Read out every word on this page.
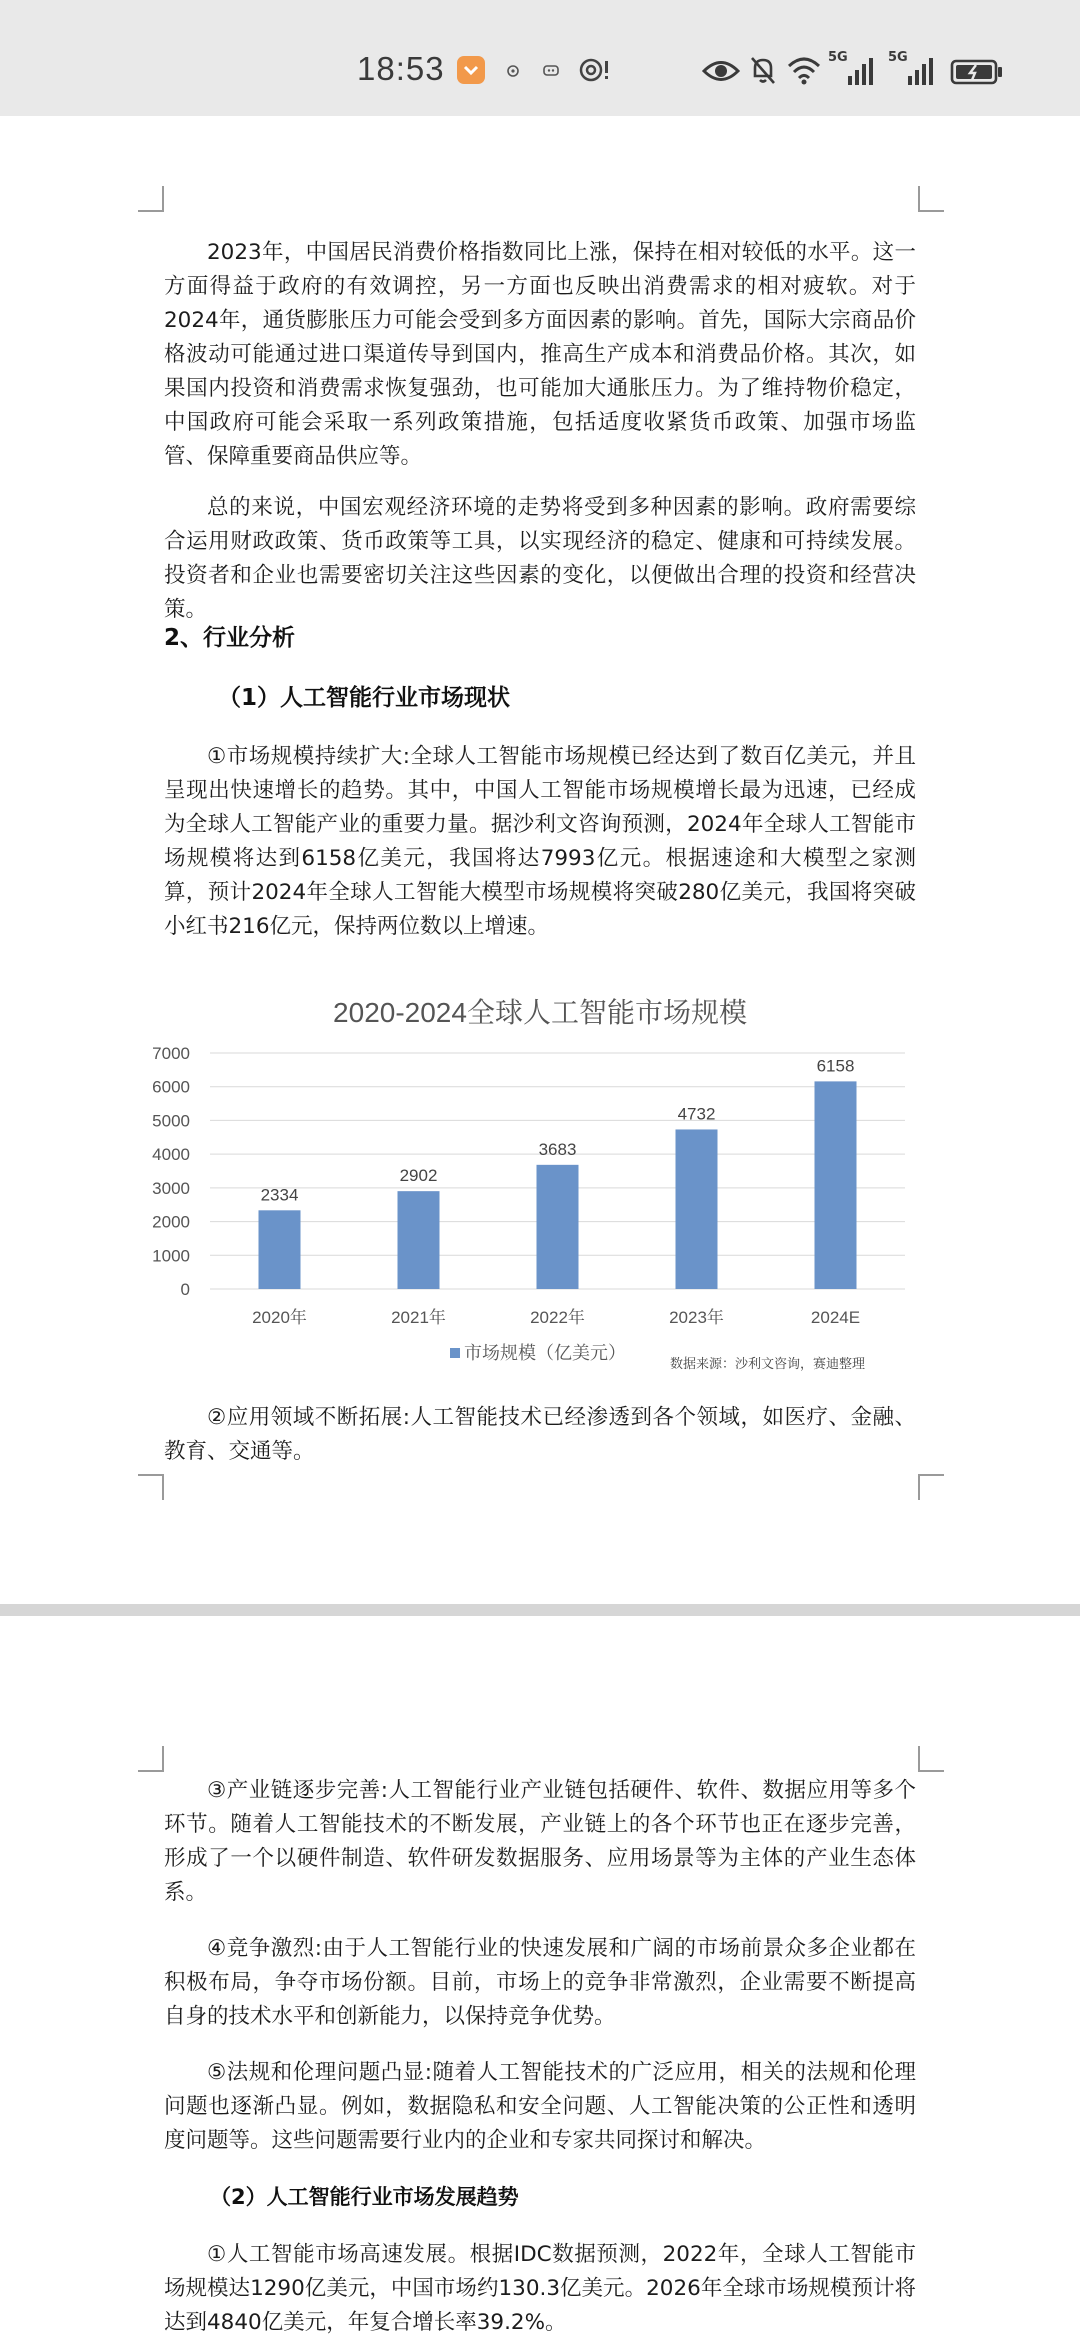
18:53	5G	5G

2023年，中国居民消费价格指数同比上涨，保持在相对较低的水平。这一方面得益于政府的有效调控，另一方面也反映出消费需求的相对疲软。对于2024年，通货膨胀压力可能会受到多方面因素的影响。首先，国际大宗商品价格波动可能通过进口渠道传导到国内，推高生产成本和消费品价格。其次，如果国内投资和消费需求恢复强劲，也可能加大通胀压力。为了维持物价稳定，中国政府可能会采取一系列政策措施，包括适度收紧货币政策、加强市场监管、保障重要商品供应等。

总的来说，中国宏观经济环境的走势将受到多种因素的影响。政府需要综合运用财政政策、货币政策等工具，以实现经济的稳定、健康和可持续发展。投资者和企业也需要密切关注这些因素的变化，以便做出合理的投资和经营决策。

2、行业分析

（1）人工智能行业市场现状

①市场规模持续扩大:全球人工智能市场规模已经达到了数百亿美元，并且呈现出快速增长的趋势。其中，中国人工智能市场规模增长最为迅速，已经成为全球人工智能产业的重要力量。据沙利文咨询预测，2024年全球人工智能市场规模将达到6158亿美元，我国将达7993亿元。根据速途和大模型之家测算，预计2024年全球人工智能大模型市场规模将突破280亿美元，我国将突破小红书216亿元，保持两位数以上增速。

2020-2024全球人工智能市场规模
0
1000
2000
3000
4000
5000
6000
7000
2334
2020年
2902
2021年
3683
2022年
4732
2023年
6158
2024E
市场规模（亿美元）
数据来源：沙利文咨询，赛迪整理

②应用领域不断拓展:人工智能技术已经渗透到各个领域，如医疗、金融、教育、交通等。

③产业链逐步完善:人工智能行业产业链包括硬件、软件、数据应用等多个环节。随着人工智能技术的不断发展，产业链上的各个环节也正在逐步完善，形成了一个以硬件制造、软件研发数据服务、应用场景等为主体的产业生态体系。

④竞争激烈:由于人工智能行业的快速发展和广阔的市场前景众多企业都在积极布局，争夺市场份额。目前，市场上的竞争非常激烈，企业需要不断提高自身的技术水平和创新能力，以保持竞争优势。

⑤法规和伦理问题凸显:随着人工智能技术的广泛应用，相关的法规和伦理问题也逐渐凸显。例如，数据隐私和安全问题、人工智能决策的公正性和透明度问题等。这些问题需要行业内的企业和专家共同探讨和解决。

（2）人工智能行业市场发展趋势

①人工智能市场高速发展。根据IDC数据预测，2022年，全球人工智能市场规模达1290亿美元，中国市场约130.3亿美元。2026年全球市场规模预计将达到4840亿美元，年复合增长率39.2%。
